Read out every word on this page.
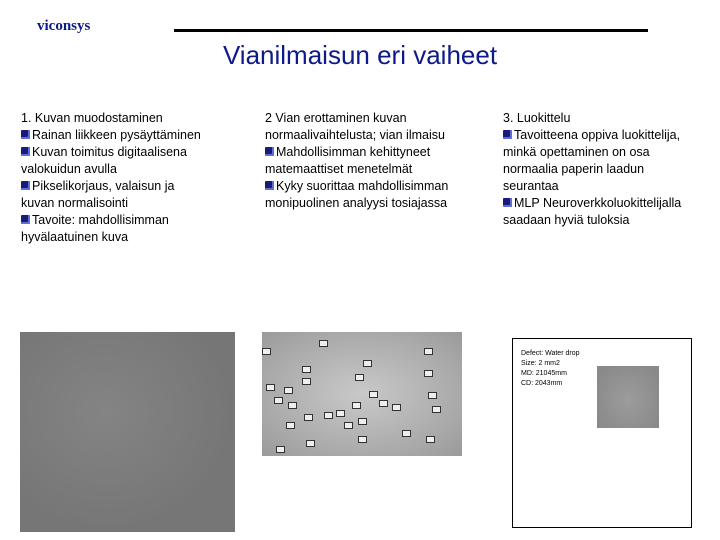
viconsys
Vianilmaisun eri vaiheet
1. Kuvan muodostaminen
Rainan liikkeen pysäyttäminen
Kuvan toimitus digitaalisena valokuidun avulla
Pikselikorjaus, valaisun ja kuvan normalisointi
Tavoite: mahdollisimman hyvälaatuinen kuva
2 Vian erottaminen kuvan normaalivaihtelusta; vian ilmaisu
Mahdollisimman kehittyneet matemaattiset menetelmät
Kyky suorittaa mahdollisimman monipuolinen analyysi tosiajassa
3. Luokittelu
Tavoitteena oppiva luokittelija, minkä opettaminen on osa normaalia paperin laadun seurantaa
MLP Neuroverkkoluokittelijalla saadaan hyviä tuloksia
Defect: Water drop
Size: 2 mm2
MD: 21045mm
CD: 2043mm
